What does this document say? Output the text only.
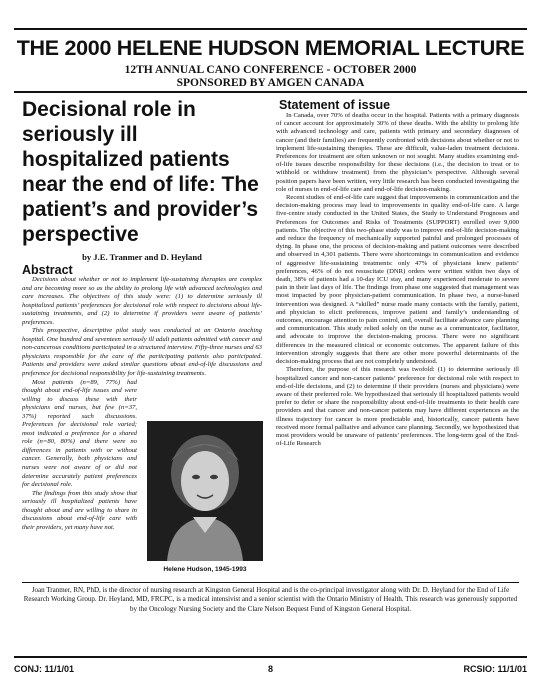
THE 2000 HELENE HUDSON MEMORIAL LECTURE
12TH ANNUAL CANO CONFERENCE - OCTOBER 2000
SPONSORED BY AMGEN CANADA
Decisional role in seriously ill hospitalized patients near the end of life: The patient’s and provider’s perspective
by J.E. Tranmer and D. Heyland
Abstract

Decisions about whether or not to implement life-sustaining therapies are complex and are becoming more so as the ability to prolong life with advanced technologies and care increases. The objectives of this study were: (1) to determine seriously ill hospitalized patients’ preferences for decisional role with respect to decisions about life-sustaining treatments, and (2) to determine if providers were aware of patients’ preferences.

This prospective, descriptive pilot study was conducted at an Ontario teaching hospital. One hundred and seventeen seriously ill adult patients admitted with cancer and non-cancerous conditions participated in a structured interview. Fifty-three nurses and 63 physicians responsible for the care of the participating patients also participated. Patients and providers were asked similar questions about end-of-life discussions and preference for decisional responsibility for life-sustaining treatments.

Most patients (n=89, 77%) had thought about end-of-life issues and were willing to discuss these with their physicians and nurses, but few (n=37, 37%) reported such discussions. Preferences for decisional role varied; most indicated a preference for a shared role (n=80, 80%) and there were no differences in patients with or without cancer. Generally, both physicians and nurses were not aware of or did not determine accurately patient preferences for decisional role.

The findings from this study show that seriously ill hospitalized patients have thought about and are willing to share in discussions about end-of-life care with their providers, yet many have not.

Helene Hudson, 1945-1993
Statement of issue

In Canada, over 70% of deaths occur in the hospital. Patients with a primary diagnosis of cancer account for approximately 30% of these deaths. With the ability to prolong life with advanced technology and care, patients with primary and secondary diagnoses of cancer (and their families) are frequently confronted with decisions about whether or not to implement life-sustaining therapies. These are difficult, value-laden treatment decisions. Preferences for treatment are often unknown or not sought. Many studies examining end-of-life issues describe responsibility for these decisions (i.e., the decision to treat or to withhold or withdraw treatment) from the physician’s perspective. Although several position papers have been written, very little research has been conducted investigating the role of nurses in end-of-life care and end-of-life decision-making.

Recent studies of end-of-life care suggest that improvements in communication and the decision-making process may lead to improvements in quality end-of-life care. A large five-centre study conducted in the United States, the Study to Understand Prognoses and Preferences for Outcomes and Risks of Treatments (SUPPORT) enrolled over 9,000 patients. The objective of this two-phase study was to improve end-of-life decision-making and reduce the frequency of mechanically supported painful and prolonged processes of dying. In phase one, the process of decision-making and patient outcomes were described and observed in 4,301 patients. There were shortcomings in communication and evidence of aggressive life-sustaining treatments: only 47% of physicians knew patients’ preferences, 46% of do not resuscitate (DNR) orders were written within two days of death, 38% of patients had a 10-day ICU stay, and many experienced moderate to severe pain in their last days of life. The findings from phase one suggested that management was most impacted by poor physician-patient communication. In phase two, a nurse-based intervention was designed. A “skilled” nurse made many contacts with the family, patient, and physician to elicit preferences, improve patient and family’s understanding of outcomes, encourage attention to pain control, and, overall facilitate advance care planning and communication. This study relied solely on the nurse as a communicator, facilitator, and advocate to improve the decision-making process. There were no significant differences in the measured clinical or economic outcomes. The apparent failure of this intervention strongly suggests that there are other more powerful determinants of the decision-making process that are not completely understood.

Therefore, the purpose of this research was twofold: (1) to determine seriously ill hospitalized cancer and non-cancer patients’ preference for decisional role with respect to end-of-life decisions, and (2) to determine if their providers (nurses and physicians) were aware of their preferred role. We hypothesized that seriously ill hospitalized patients would prefer to defer or share the responsibility about end-of-life treatments to their health care providers and that cancer and non-cancer patients may have different experiences as the illness trajectory for cancer is more predictable and, historically, cancer patients have received more formal palliative and advance care planning. Secondly, we hypothesized that most providers would be unaware of patients’ preferences. The long-term goal of the End-of-Life Research

Joan Tranmer, RN, PhD, is the director of nursing research at Kingston General Hospital and is the co-principal investigator along with Dr. D. Heyland for the End of Life Research Working Group. Dr. Heyland, MD, FRCPC, is a medical intensivist and a senior scientist with the Ontario Ministry of Health. This research was generously supported by the Oncology Nursing Society and the Clare Nelson Bequest Fund of Kingston General Hospital.
CONJ: 11/1/01	8	RCSIO: 11/1/01
